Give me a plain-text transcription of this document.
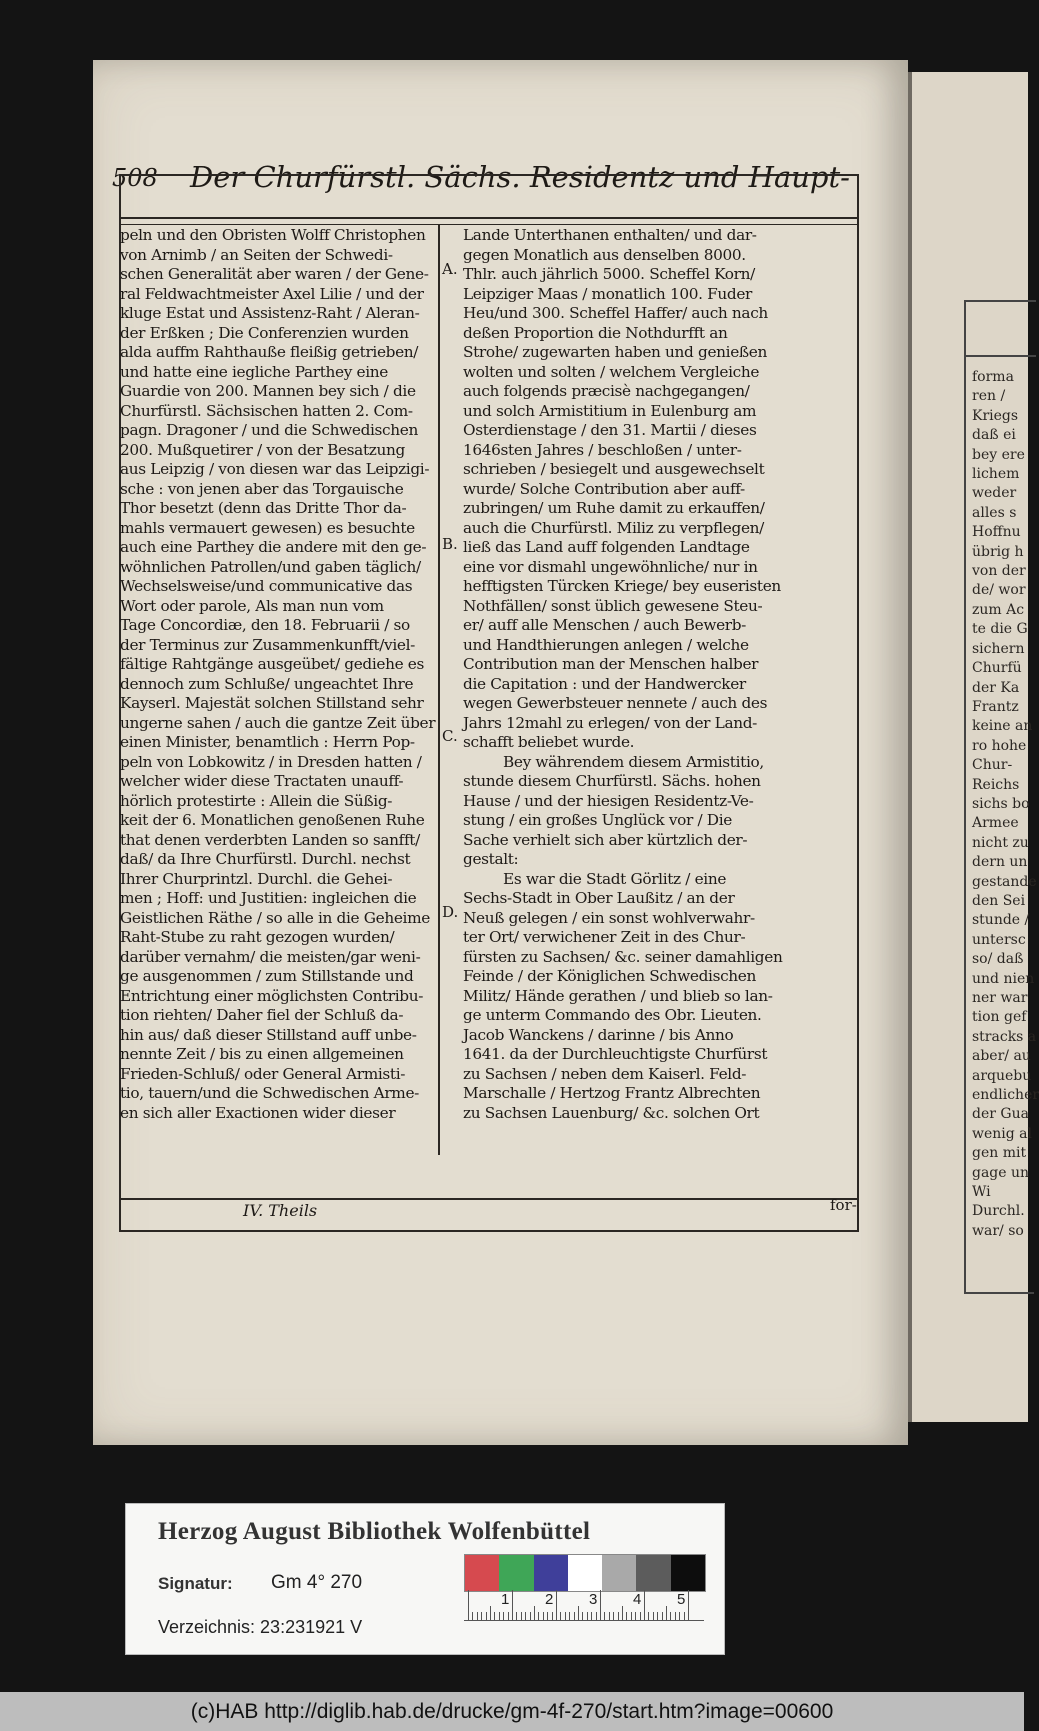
forma
ren /
Kriegs
daß ei
bey ere
lichem
weder
alles s
Hoffnu
übrig h
von der
de/ wor
zum Ac
te die G
sichern
Churfü
der Ka
Frantz
keine an
ro hohe
Chur-
Reichs
sichs bo
Armee
nicht zu
dern un
gestande
den Sei
stunde /
untersc
so/ daß
und nien
ner war
tion gef
stracks a
aber/ au
arquebu
endlicher
der Gua
wenig al
gen mit
gage un
Wi
Durchl.
war/ so
508 Der Churfürstl. Sächs. Residentz und Haupt-
peln und den Obristen Wolff Christophen
von Arnimb / an Seiten der Schwedi-
schen Generalität aber waren / der Gene-
ral Feldwachtmeister Axel Lilie / und der
kluge Estat und Assistenz-Raht / Aleran-
der Erßken ; Die Conferenzien wurden
alda auffm Rahthauße fleißig getrieben/
und hatte eine iegliche Parthey eine
Guardie von 200. Mannen bey sich / die
Churfürstl. Sächsischen hatten 2. Com-
pagn. Dragoner / und die Schwedischen
200. Mußquetirer / von der Besatzung
aus Leipzig / von diesen war das Leipzigi-
sche : von jenen aber das Torgauische
Thor besetzt (denn das Dritte Thor da-
mahls vermauert gewesen) es besuchte
auch eine Parthey die andere mit den ge-
wöhnlichen Patrollen/und gaben täglich/
Wechselsweise/und communicative das
Wort oder parole, Als man nun vom
Tage Concordiæ, den 18. Februarii / so
der Terminus zur Zusammenkunfft/viel-
fältige Rahtgänge ausgeübet/ gediehe es
dennoch zum Schluße/ ungeachtet Ihre
Kayserl. Majestät solchen Stillstand sehr
ungerne sahen / auch die gantze Zeit über
einen Minister, benamtlich : Herrn Pop-
peln von Lobkowitz / in Dresden hatten /
welcher wider diese Tractaten unauff-
hörlich protestirte : Allein die Süßig-
keit der 6. Monatlichen genoßenen Ruhe
that denen verderbten Landen so sanfft/
daß/ da Ihre Churfürstl. Durchl. nechst
Ihrer Churprintzl. Durchl. die Gehei-
men ; Hoff: und Justitien: ingleichen die
Geistlichen Räthe / so alle in die Geheime
Raht-Stube zu raht gezogen wurden/
darüber vernahm/ die meisten/gar weni-
ge ausgenommen / zum Stillstande und
Entrichtung einer möglichsten Contribu-
tion riehten/ Daher fiel der Schluß da-
hin aus/ daß dieser Stillstand auff unbe-
nennte Zeit / bis zu einen allgemeinen
Frieden-Schluß/ oder General Armisti-
tio, tauern/und die Schwedischen Arme-
en sich aller Exactionen wider dieser
Lande Unterthanen enthalten/ und dar-
gegen Monatlich aus denselben 8000.
Thlr. auch jährlich 5000. Scheffel Korn/
Leipziger Maas / monatlich 100. Fuder
Heu/und 300. Scheffel Haffer/ auch nach
deßen Proportion die Nothdurfft an
Strohe/ zugewarten haben und genießen
wolten und solten / welchem Vergleiche
auch folgends præcisè nachgegangen/
und solch Armistitium in Eulenburg am
Osterdienstage / den 31. Martii / dieses
1646sten Jahres / beschloßen / unter-
schrieben / besiegelt und ausgewechselt
wurde/ Solche Contribution aber auff-
zubringen/ um Ruhe damit zu erkauffen/
auch die Churfürstl. Miliz zu verpflegen/
ließ das Land auff folgenden Landtage
eine vor dismahl ungewöhnliche/ nur in
hefftigsten Türcken Kriege/ bey euseristen
Nothfällen/ sonst üblich gewesene Steu-
er/ auff alle Menschen / auch Bewerb-
und Handthierungen anlegen / welche
Contribution man der Menschen halber
die Capitation : und der Handwercker
wegen Gewerbsteuer nennete / auch des
Jahrs 12mahl zu erlegen/ von der Land-
schafft beliebet wurde.
Bey währendem diesem Armistitio,
stunde diesem Churfürstl. Sächs. hohen
Hause / und der hiesigen Residentz-Ve-
stung / ein großes Unglück vor / Die
Sache verhielt sich aber kürtzlich der-
gestalt:
Es war die Stadt Görlitz / eine
Sechs-Stadt in Ober Laußitz / an der
Neuß gelegen / ein sonst wohlverwahr-
ter Ort/ verwichener Zeit in des Chur-
fürsten zu Sachsen/ &c. seiner damahligen
Feinde / der Königlichen Schwedischen
Militz/ Hände gerathen / und blieb so lan-
ge unterm Commando des Obr. Lieuten.
Jacob Wanckens / darinne / bis Anno
1641. da der Durchleuchtigste Churfürst
zu Sachsen / neben dem Kaiserl. Feld-
Marschalle / Hertzog Frantz Albrechten
zu Sachsen Lauenburg/ &c. solchen Ort
A.
B.
C.
D.
IV. Theils	for-
Herzog August Bibliothek Wolfenbüttel
Signatur: Gm 4° 270
Verzeichnis: 23:231921 V
1 2 3 4 5
(c)HAB http://diglib.hab.de/drucke/gm-4f-270/start.htm?image=00600
